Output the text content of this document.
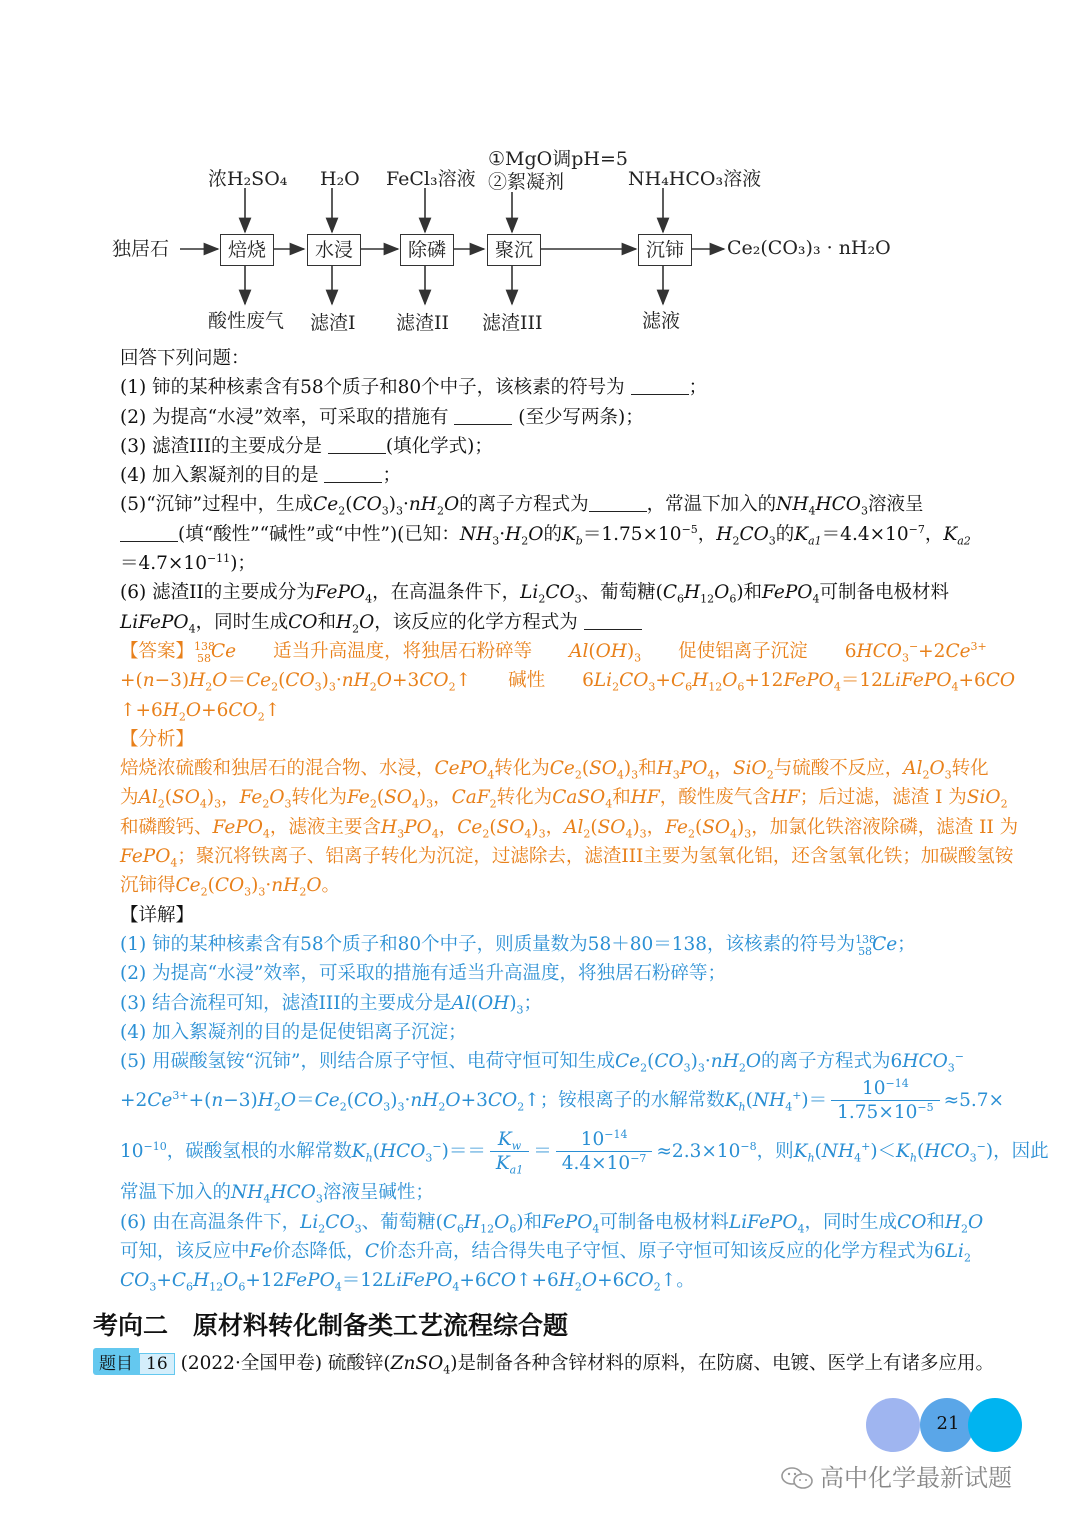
独居石
浓H₂SO₄ H₂O FeCl₃溶液
①MgO调pH=5
②絮凝剂	NH₄HCO₃溶液
焙烧	水浸	除磷	聚沉	沉铈	Ce₂(CO₃)₃ · nH₂O
酸性废气 滤渣I 滤渣II 滤渣III	滤液
回答下列问题：
(1) 铈的某种核素含有58个质子和80个中子，该核素的符号为	；
(2) 为提高“水浸”效率，可采取的措施有	(至少写两条)；
(3) 滤渣III的主要成分是	(填化学式)；
(4) 加入絮凝剂的目的是	；
(5)“沉铈”过程中，生成$Ce_2(CO_3)_3\cdot nH_2O$的离子方程式为	，常温下加入的$NH_4HCO_3$溶液呈
(填“酸性”“碱性”或“中性”)(已知：$NH_3\cdot H_2O$的$K_b=1.75\times 10^{-5}$，$H_2CO_3$的$K_{a1}=4.4\times 10^{-7}$，$K_{a2}$
$=4.7\times 10^{-11}$)；
(6) 滤渣II的主要成分为FePO$_4$，在高温条件下，$Li_2CO_3$、葡萄糖$(C_6H_{12}O_6)$和FePO$_4$可制备电极材料
LiFePO$_4$，同时生成CO和$H_2O$，该反应的化学方程式为
【答案】$^{138}_{58}$Ce   适当升高温度，将独居石粉碎等   $Al(OH)_3$   促使铝离子沉淀  $6HCO_3^-+2Ce^{3+}$
$+(n-3)H_2O=Ce_2(CO_3)_3\cdot nH_2O+3CO_2↑$  碱性  $6Li_2CO_3+C_6H_{12}O_6+12FePO_4=12LiFePO_4+6CO$
$↑+6H_2O+6CO_2↑$
【分析】
焙烧浓硫酸和独居石的混合物、水浸，CePO$_4$转化为$Ce_2(SO_4)_3$和$H_3PO_4$，SiO$_2$与硫酸不反应，$Al_2O_3$转化
为$Al_2(SO_4)_3$，$Fe_2O_3$转化为$Fe_2(SO_4)_3$，CaF$_2$转化为CaSO$_4$和HF，酸性废气含HF；后过滤，滤渣 I 为SiO$_2$
和磷酸钙、FePO$_4$，滤液主要含$H_3PO_4$，$Ce_2(SO_4)_3$，$Al_2(SO_4)_3$，$Fe_2(SO_4)_3$，加氯化铁溶液除磷，滤渣 II 为
FePO$_4$；聚沉将铁离子、铝离子转化为沉淀，过滤除去，滤渣III主要为氢氧化铝，还含氢氧化铁；加碳酸氢铵
沉铈得$Ce_2(CO_3)_3\cdot nH_2O$。
【详解】
(1) 铈的某种核素含有58个质子和80个中子，则质量数为58＋80＝138，该核素的符号为$^{138}_{58}$Ce；
(2) 为提高“水浸”效率，可采取的措施有适当升高温度，将独居石粉碎等；
(3) 结合流程可知，滤渣III的主要成分是$Al(OH)_3$；
(4) 加入絮凝剂的目的是促使铝离子沉淀；
(5) 用碳酸氢铵“沉铈”，则结合原子守恒、电荷守恒可知生成$Ce_2(CO_3)_3\cdot nH_2O$的离子方程式为$6HCO_3^-$
$+2Ce^{3+}+(n-3)H_2O=Ce_2(CO_3)_3\cdot nH_2O+3CO_2↑$；铵根离子的水解常数$K_h(NH_4^+)= \frac{10^{-14}}{1.75\times 10^{-5}} \approx 5.7\times$
$10^{-10}$，碳酸氢根的水解常数$K_h(HCO_3^-)== \frac{K_w}{K_{a1}} = \frac{10^{-14}}{4.4\times 10^{-7}} \approx 2.3\times 10^{-8}$，则$K_h(NH_4^+)<K_h(HCO_3^-)$，因此
常温下加入的$NH_4HCO_3$溶液呈碱性；
(6) 由在高温条件下，$Li_2CO_3$、葡萄糖$(C_6H_{12}O_6)$和FePO$_4$可制备电极材料LiFePO$_4$，同时生成CO和$H_2O$
可知，该反应中Fe价态降低，C价态升高，结合得失电子守恒、原子守恒可知该反应的化学方程式为$6Li_2$
$CO_3+C_6H_{12}O_6+12FePO_4=12LiFePO_4+6CO↑+6H_2O+6CO_2↑$。
考向二　原材料转化制备类工艺流程综合题
题目 16 (2022·全国甲卷) 硫酸锌(ZnSO$_4$)是制备各种含锌材料的原料，在防腐、电镀、医学上有诸多应用。
21
高中化学最新试题
